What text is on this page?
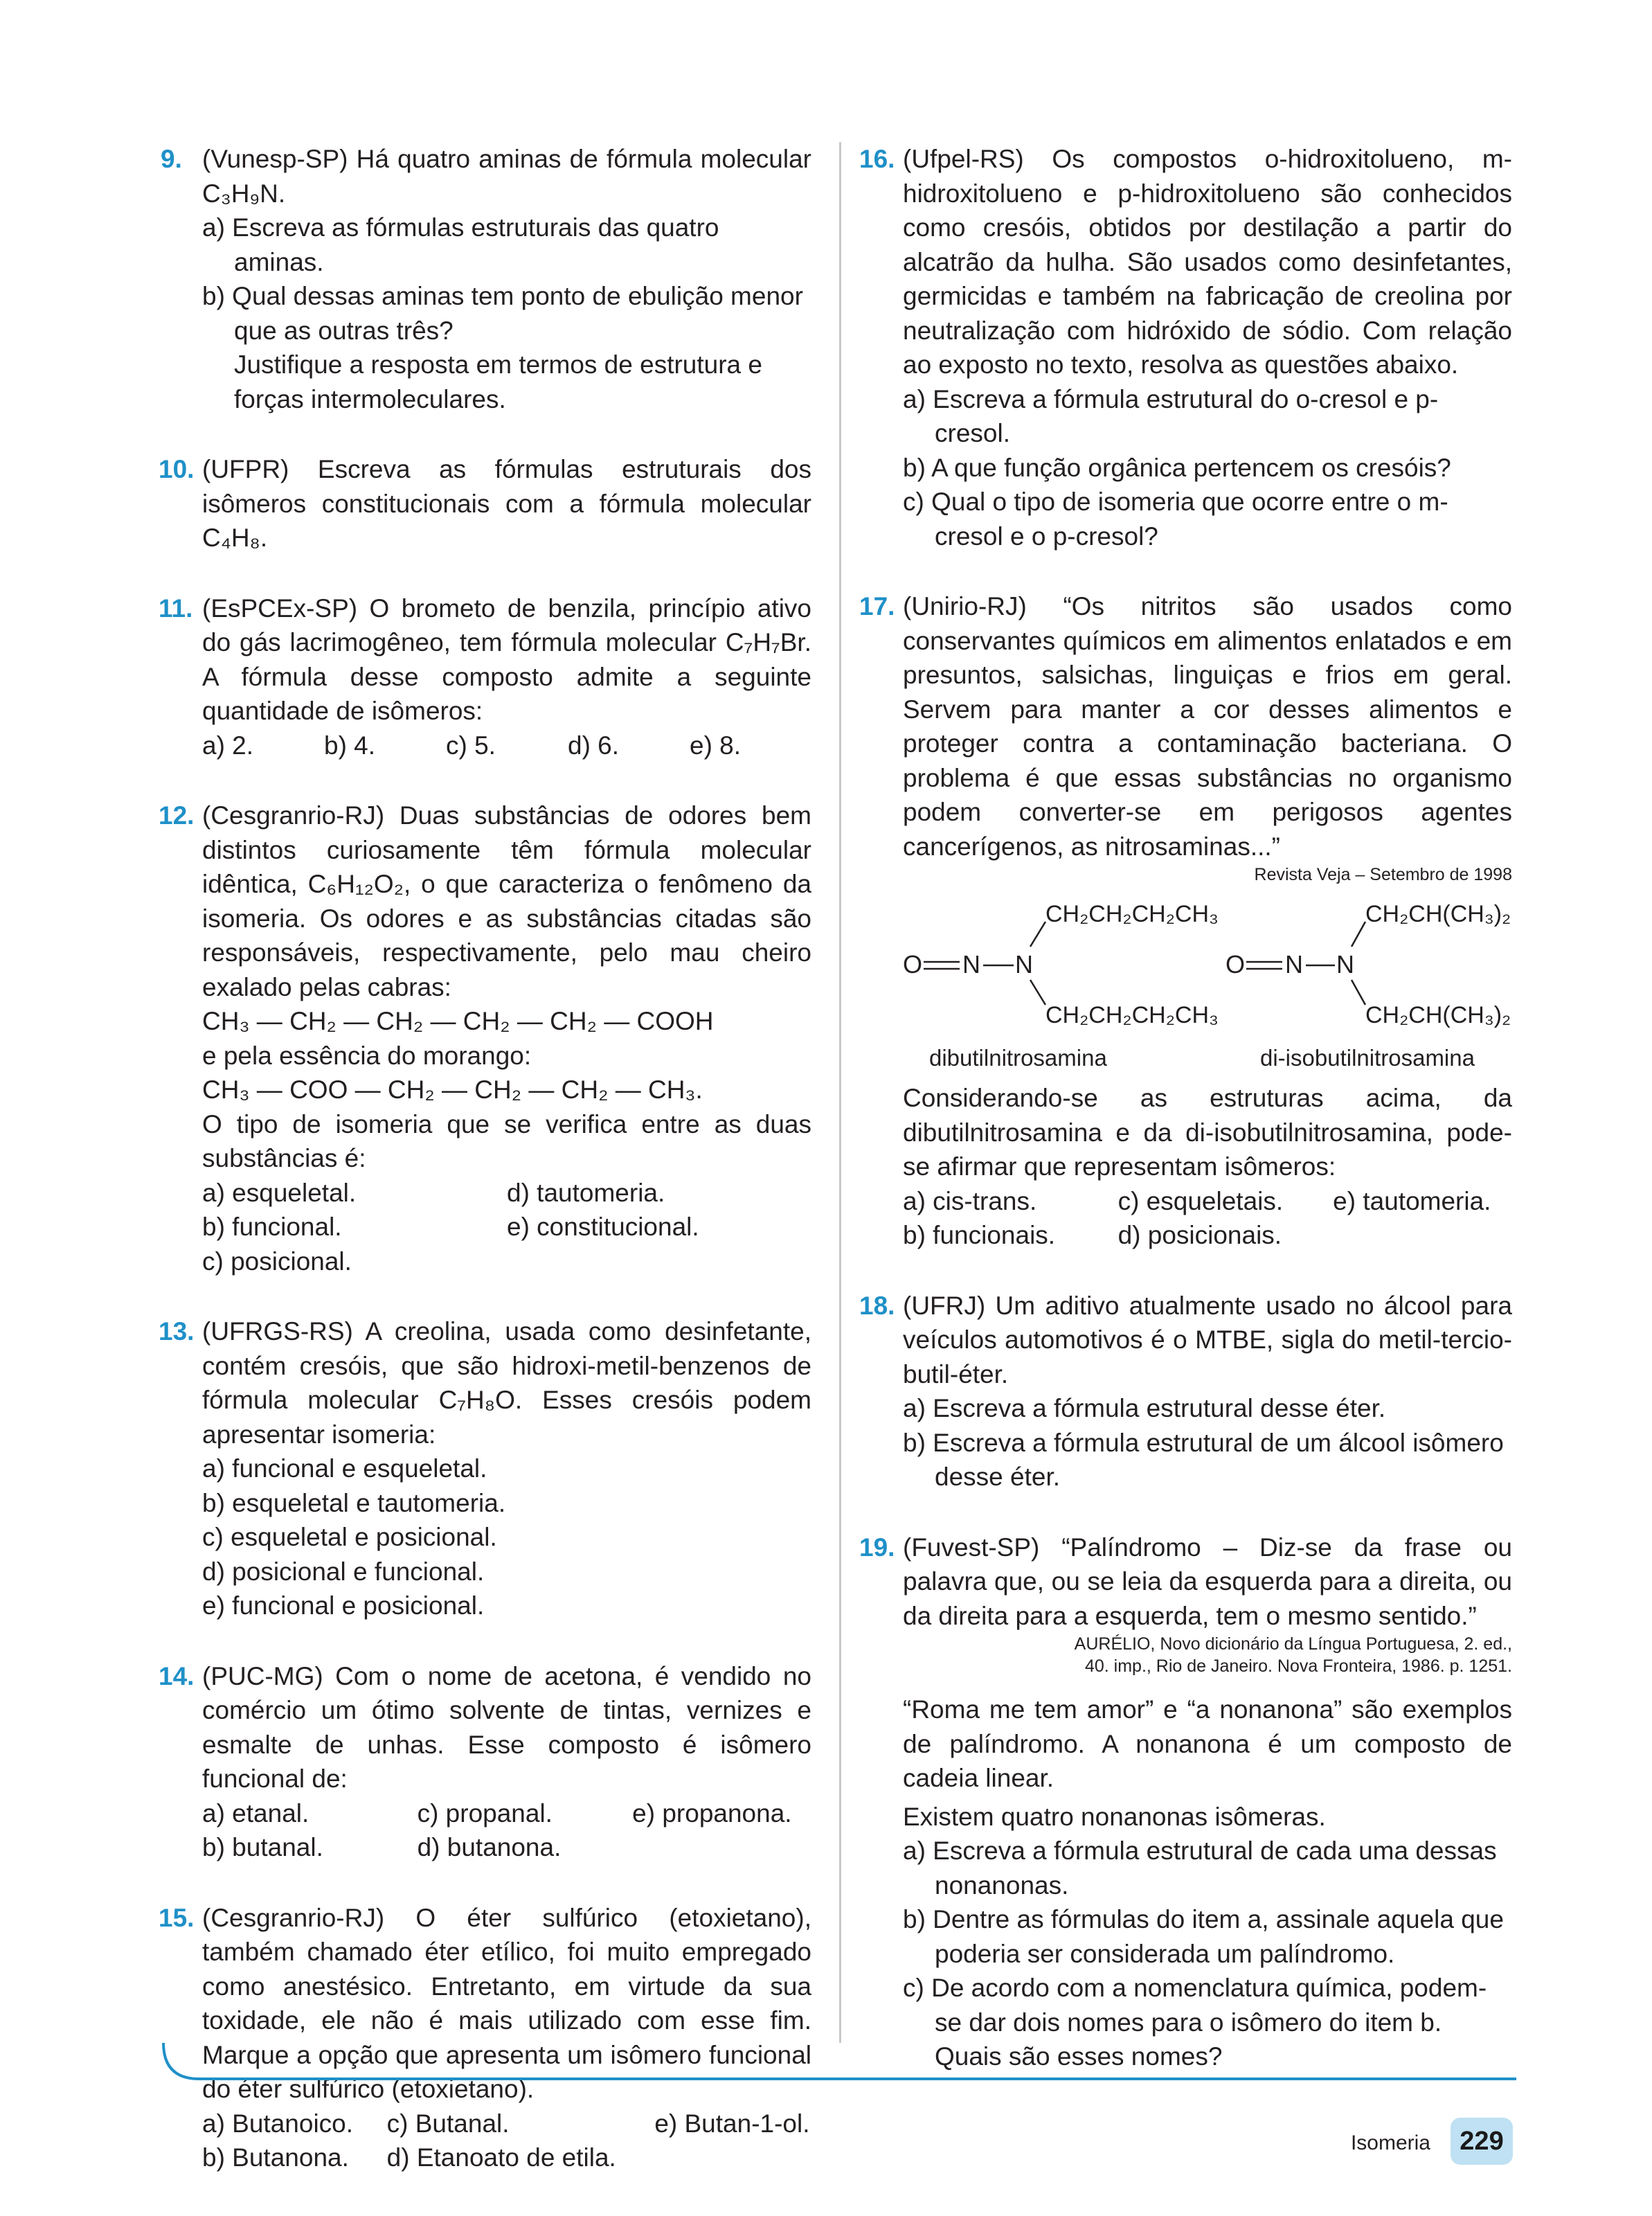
9. (Vunesp-SP) Há quatro aminas de fórmula molecular C₃H₉N.

a) Escreva as fórmulas estruturais das quatro aminas.

b) Qual dessas aminas tem ponto de ebulição menor que as outras três?

Justifique a resposta em termos de estrutura e forças intermoleculares.

10. (UFPR) Escreva as fórmulas estruturais dos isômeros constitucionais com a fórmula molecular C₄H₈.

11. (EsPCEx-SP) O brometo de benzila, princípio ativo do gás lacrimogêneo, tem fórmula molecular C₇H₇Br. A fórmula desse composto admite a seguinte quantidade de isômeros:

a) 2.	b) 4.	c) 5.	d) 6.	e) 8.
12. (Cesgranrio-RJ) Duas substâncias de odores bem distintos curiosamente têm fórmula molecular idêntica, C₆H₁₂O₂, o que caracteriza o fenômeno da isomeria. Os odores e as substâncias citadas são responsáveis, respectivamente, pelo mau cheiro exalado pelas cabras:

CH₃ — CH₂ — CH₂ — CH₂ — CH₂ — COOH

e pela essência do morango:

CH₃ — COO — CH₂ — CH₂ — CH₂ — CH₃.

O tipo de isomeria que se verifica entre as duas substâncias é:

a) esqueletal.	d) tautomeria.
b) funcional.	e) constitucional.
c) posicional.
13. (UFRGS-RS) A creolina, usada como desinfetante, contém cresóis, que são hidroxi-metil-benzenos de fórmula molecular C₇H₈O. Esses cresóis podem apresentar isomeria:

a) funcional e esqueletal.

b) esqueletal e tautomeria.

c) esqueletal e posicional.

d) posicional e funcional.

e) funcional e posicional.

14. (PUC-MG) Com o nome de acetona, é vendido no comércio um ótimo solvente de tintas, vernizes e esmalte de unhas. Esse composto é isômero funcional de:

a) etanal.	c) propanal.	e) propanona.
b) butanal.	d) butanona.
15. (Cesgranrio-RJ) O éter sulfúrico (etoxietano), também chamado éter etílico, foi muito empregado como anestésico. Entretanto, em virtude da sua toxidade, ele não é mais utilizado com esse fim. Marque a opção que apresenta um isômero funcional do éter sulfúrico (etoxietano).

a) Butanoico.	c) Butanal.	e) Butan-1-ol.
b) Butanona.	d) Etanoato de etila.
16. (Ufpel-RS) Os compostos o-hidroxitolueno, m-hidroxitolueno e p-hidroxitolueno são conhecidos como cresóis, obtidos por destilação a partir do alcatrão da hulha. São usados como desinfetantes, germicidas e também na fabricação de creolina por neutralização com hidróxido de sódio. Com relação ao exposto no texto, resolva as questões abaixo.

a) Escreva a fórmula estrutural do o-cresol e p-cresol.

b) A que função orgânica pertencem os cresóis?

c) Qual o tipo de isomeria que ocorre entre o m-cresol e o p-cresol?

17. (Unirio-RJ) “Os nitritos são usados como conservantes químicos em alimentos enlatados e em presuntos, salsichas, linguiças e frios em geral. Servem para manter a cor desses alimentos e proteger contra a contaminação bacteriana. O problema é que essas substâncias no organismo podem converter-se em perigosos agentes cancerígenos, as nitrosaminas...”

Revista Veja – Setembro de 1998

O N N
CH₂CH₂CH₂CH₃
CH₂CH₂CH₂CH₃
dibutilnitrosamina
O N N
CH₂CH(CH₃)₂
CH₂CH(CH₃)₂
di-isobutilnitrosamina

Considerando-se as estruturas acima, da dibutilnitrosamina e da di-isobutilnitrosamina, pode-se afirmar que representam isômeros:

a) cis-trans.	c) esqueletais.	e) tautomeria.
b) funcionais.	d) posicionais.
18. (UFRJ) Um aditivo atualmente usado no álcool para veículos automotivos é o MTBE, sigla do metil-tercio-butil-éter.

a) Escreva a fórmula estrutural desse éter.

b) Escreva a fórmula estrutural de um álcool isômero desse éter.

19. (Fuvest-SP) “Palíndromo – Diz-se da frase ou palavra que, ou se leia da esquerda para a direita, ou da direita para a esquerda, tem o mesmo sentido.”

AURÉLIO, Novo dicionário da Língua Portuguesa, 2. ed.,

40. imp., Rio de Janeiro. Nova Fronteira, 1986. p. 1251.

“Roma me tem amor” e “a nonanona” são exemplos de palíndromo. A nonanona é um composto de cadeia linear.

Existem quatro nonanonas isômeras.

a) Escreva a fórmula estrutural de cada uma dessas nonanonas.

b) Dentre as fórmulas do item a, assinale aquela que poderia ser considerada um palíndromo.

c) De acordo com a nomenclatura química, podem-se dar dois nomes para o isômero do item b. Quais são esses nomes?

Isomeria	229
